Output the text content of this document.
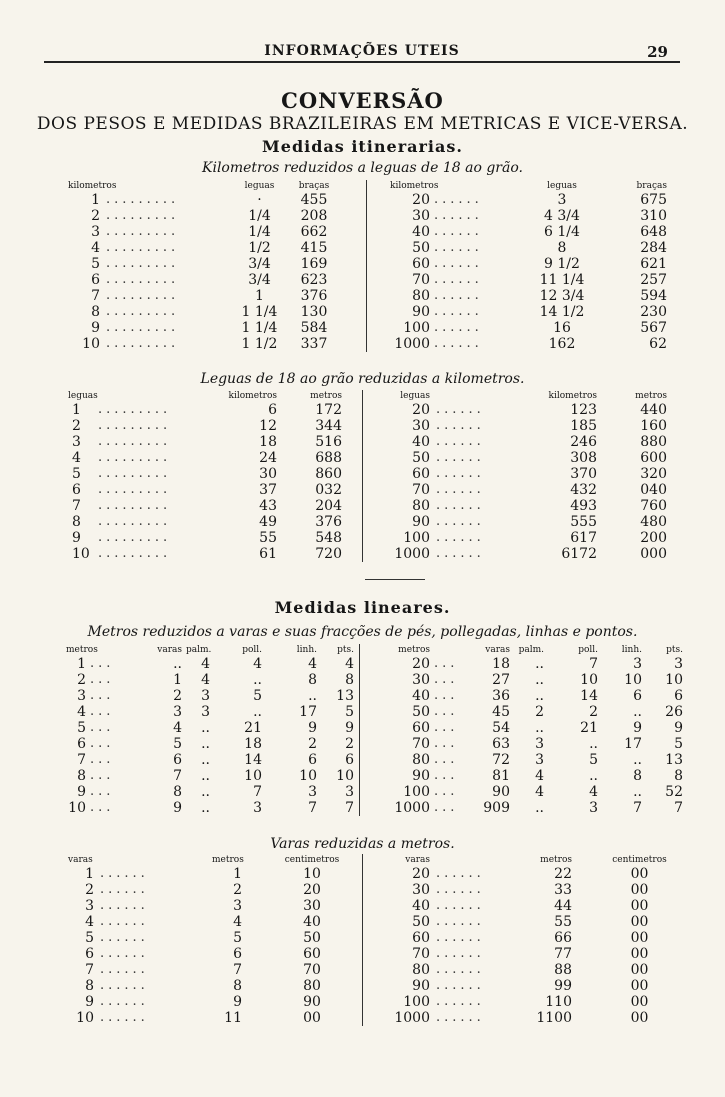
INFORMAÇÕES UTEIS	29
CONVERSÃO
DOS PESOS E MEDIDAS BRAZILEIRAS EM METRICAS E VICE-VERSA.
Medidas itinerarias.
Kilometros reduzidos a leguas de 18 ao grão.
kilometros	leguas	braças	kilometros	leguas	braças
.........	......
1	·	455	20	3	675
.........	......
2	1/4	208	30	4 3/4	310
.........	......
3	1/4	662	40	6 1/4	648
.........	......
4	1/2	415	50	8	284
.........	......
5	3/4	169	60	9 1/2	621
.........	......
6	3/4	623	70	11 1/4	257
.........	......
7	1	376	80	12 3/4	594
.........	......
8	1 1/4	130	90	14 1/2	230
.........	......
9	1 1/4	584	100	16	567
.........	......
10	1 1/2	337	1000	162	62
Leguas de 18 ao grão reduzidas a kilometros.
leguas	kilometros	metros	leguas	kilometros	metros
.........	......
1	6	172	20	123	440
.........	......
2	12	344	30	185	160
.........	......
3	18	516	40	246	880
.........	......
4	24	688	50	308	600
.........	......
5	30	860	60	370	320
.........	......
6	37	032	70	432	040
.........	......
7	43	204	80	493	760
.........	......
8	49	376	90	555	480
.........	......
9	55	548	100	617	200
.........	......
10	61	720	1000	6172	000
Medidas lineares.
Metros reduzidos a varas e suas fracções de pés, pollegadas, linhas e pontos.
metros	varas palm.	poll.	linh.	pts.	metros	varas palm.	poll.	linh.	pts.
...	...
1	..	4	4	4	4	20	18	..	7	3	3
...	...
2	1	4	..	8	8	30	27	..	10	10	10
...	...
3	2	3	5	..	13	40	36	..	14	6	6
...	...
4	3	3	..	17	5	50	45	2	2	..	26
...	...
5	4	..	21	9	9	60	54	..	21	9	9
...	...
6	5	..	18	2	2	70	63	3	..	17	5
...	...
7	6	..	14	6	6	80	72	3	5	..	13
...	...
8	7	..	10	10	10	90	81	4	..	8	8
...	...
9	8	..	7	3	3	100	90	4	4	..	52
...	...
10	9	..	3	7	7	1000	909	..	3	7	7
Varas reduzidas a metros.
varas	metros	centimetros	varas	metros	centimetros
......	......
1	1	10	20	22	00
......	......
2	2	20	30	33	00
......	......
3	3	30	40	44	00
......	......
4	4	40	50	55	00
......	......
5	5	50	60	66	00
......	......
6	6	60	70	77	00
......	......
7	7	70	80	88	00
......	......
8	8	80	90	99	00
......	......
9	9	90	100	110	00
......	......
10	11	00	1000	1100	00
